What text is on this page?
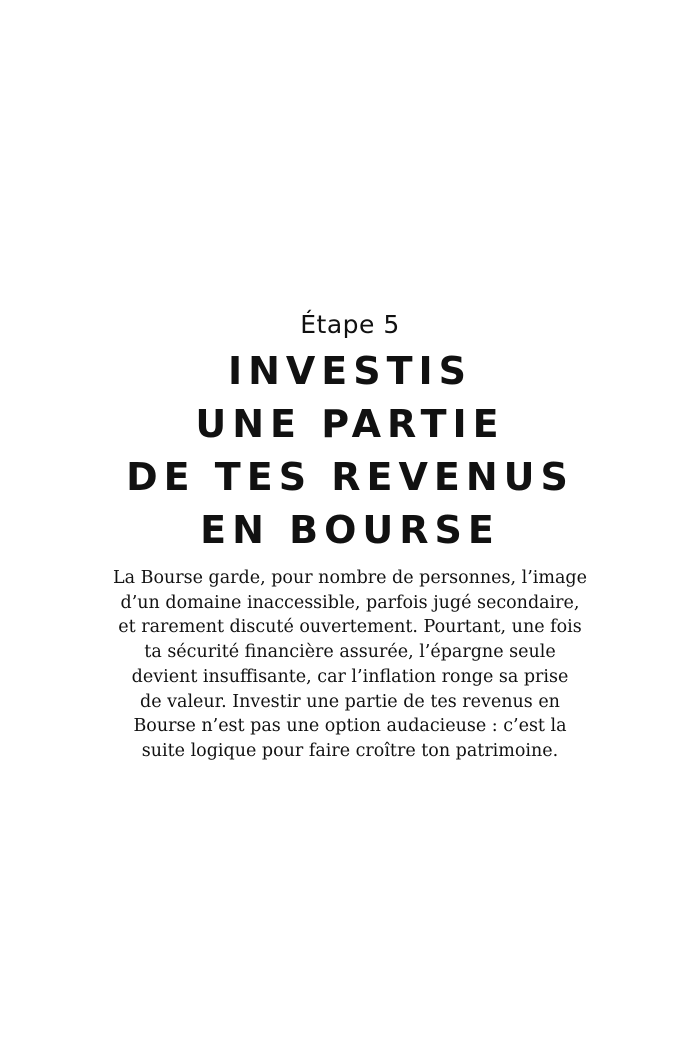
Étape 5
INVESTIS
UNE PARTIE
DE TES REVENUS
EN BOURSE
La Bourse garde, pour nombre de personnes, l’image
d’un domaine inaccessible, parfois jugé secondaire,
et rarement discuté ouvertement. Pourtant, une fois
ta sécurité financière assurée, l’épargne seule
devient insuffisante, car l’inflation ronge sa prise
de valeur. Investir une partie de tes revenus en
Bourse n’est pas une option audacieuse : c’est la
suite logique pour faire croître ton patrimoine.
